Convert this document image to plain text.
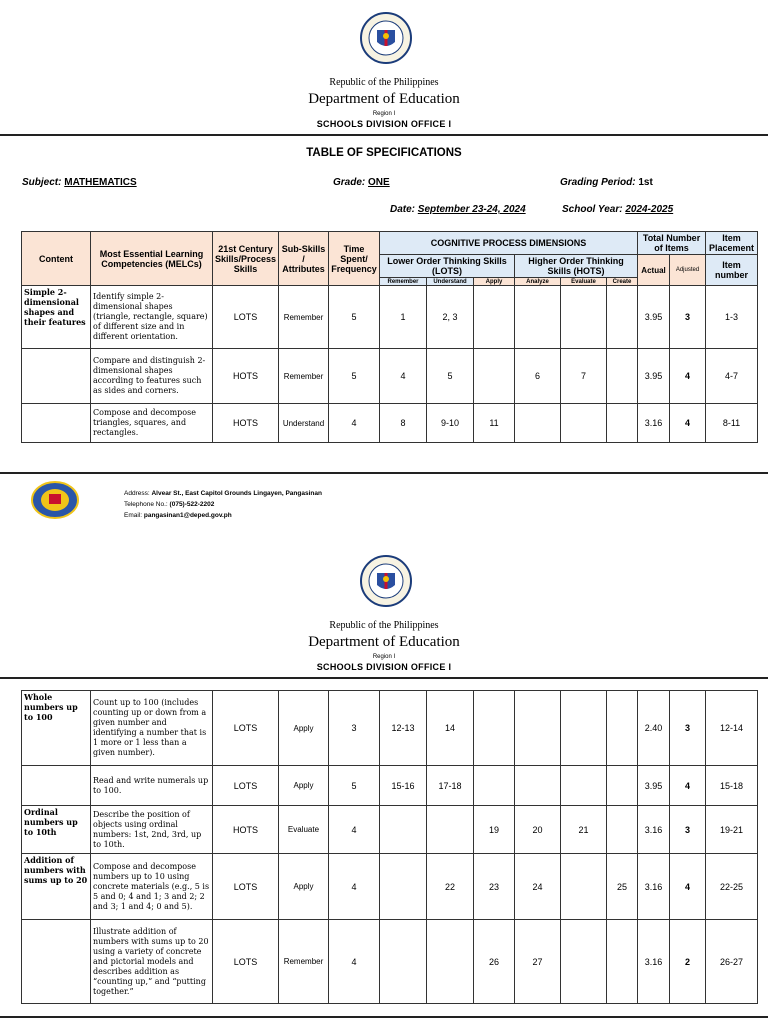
Republic of the Philippines
Department of Education
Region I
SCHOOLS DIVISION OFFICE I
TABLE OF SPECIFICATIONS
Subject: MATHEMATICS	Grade: ONE	Grading Period: 1st
Date: September 23-24, 2024	School Year: 2024-2025
Content	Most Essential Learning Competencies (MELCs)	21st Century Skills/Process Skills	Sub-Skills / Attributes	Time Spent/ Frequency	COGNITIVE PROCESS DIMENSIONS						Total Number of Items		Item Placement
					Lower Order Thinking Skills (LOTS)			Higher Order Thinking Skills (HOTS)			Actual	Adjusted	Item number
					Remember	Understand	Apply	Analyze	Evaluate	Create			
Simple 2-dimensional shapes and their features	Identify simple 2-dimensional shapes (triangle, rectangle, square) of different size and in different orientation.	LOTS	Remember	5	1	2, 3					3.95	3	1-3
	Compare and distinguish 2-dimensional shapes according to features such as sides and corners.	HOTS	Remember	5	4	5		6	7		3.95	4	4-7
	Compose and decompose triangles, squares, and rectangles.	HOTS	Understand	4	8	9-10	11				3.16	4	8-11
Address: Alvear St., East Capitol Grounds Lingayen, Pangasinan
Telephone No.: (075)-522-2202
Email: pangasinan1@deped.gov.ph
Republic of the Philippines
Department of Education
Region I
SCHOOLS DIVISION OFFICE I
Whole numbers up to 100	Count up to 100 (includes counting up or down from a given number and identifying a number that is 1 more or 1 less than a given number).	LOTS	Apply	3	12-13	14					2.40	3	12-14
	Read and write numerals up to 100.	LOTS	Apply	5	15-16	17-18					3.95	4	15-18
Ordinal numbers up to 10th	Describe the position of objects using ordinal numbers: 1st, 2nd, 3rd, up to 10th.	HOTS	Evaluate	4			19	20	21		3.16	3	19-21
Addition of numbers with sums up to 20	Compose and decompose numbers up to 10 using concrete materials (e.g., 5 is 5 and 0; 4 and 1; 3 and 2; 2 and 3; 1 and 4; 0 and 5).	LOTS	Apply	4		22	23	24		25	3.16	4	22-25
	Illustrate addition of numbers with sums up to 20 using a variety of concrete and pictorial models and describes addition as “counting up,” and “putting together.”	LOTS	Remember	4			26	27			3.16	2	26-27
